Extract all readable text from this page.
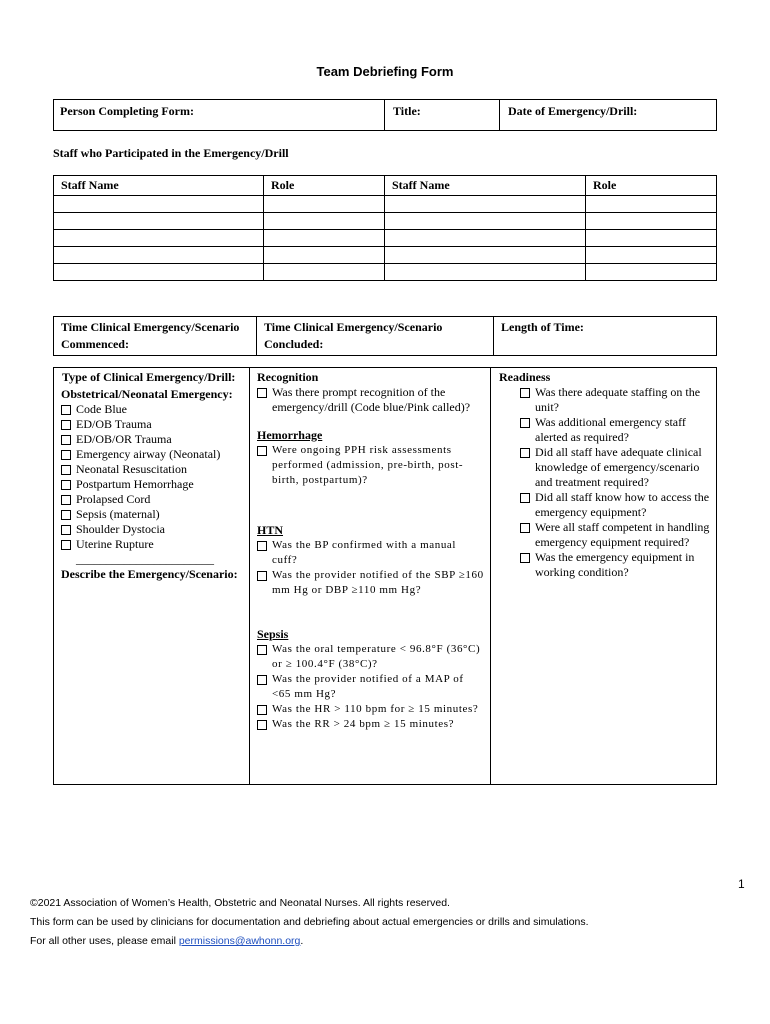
Team Debriefing Form
Person Completing Form:	Title:	Date of Emergency/Drill:
Staff who Participated in the Emergency/Drill
Staff Name	Role	Staff Name	Role

Time Clinical Emergency/Scenario
Commenced:

Time Clinical Emergency/Scenario
Concluded:
	Length of Time:
Type of Clinical Emergency/Drill:
Obstetrical/Neonatal Emergency:
Code Blue
ED/OB Trauma
ED/OB/OR Trauma
Emergency airway (Neonatal)
Neonatal Resuscitation
Postpartum Hemorrhage
Prolapsed Cord
Sepsis (maternal)
Shoulder Dystocia
Uterine Rupture
_______________________
Describe the Emergency/Scenario:

Recognition
Was there prompt recognition of the emergency/drill (Code blue/Pink called)?
Hemorrhage
Were ongoing PPH risk assessments performed (admission, pre-birth, post-birth, postpartum)?
HTN
Was the BP confirmed with a manual cuff?
Was the provider notified of the SBP ≥160 mm Hg or DBP ≥110 mm Hg?
Sepsis
Was the oral temperature < 96.8°F (36°C) or ≥ 100.4°F (38°C)?
Was the provider notified of a MAP of <65 mm Hg?
Was the HR > 110 bpm for ≥ 15 minutes?
Was the RR > 24 bpm ≥ 15 minutes?

Readiness
Was there adequate staffing on the unit?
Was additional emergency staff alerted as required?
Did all staff have adequate clinical knowledge of emergency/scenario and treatment required?
Did all staff know how to access the emergency equipment?
Were all staff competent in handling emergency equipment required?
Was the emergency equipment in working condition?
1
©2021 Association of Women’s Health, Obstetric and Neonatal Nurses. All rights reserved.
This form can be used by clinicians for documentation and debriefing about actual emergencies or drills and simulations.
For all other uses, please email permissions@awhonn.org.
